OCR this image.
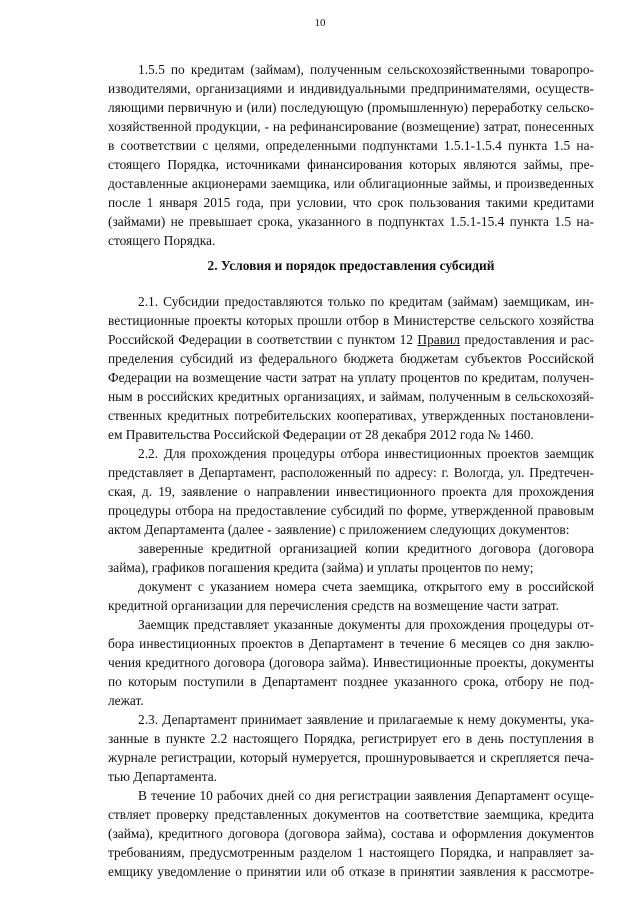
10
1.5.5 по кредитам (займам), полученным сельскохозяйственными товаропро-
изводителями, организациями и индивидуальными предпринимателями, осуществ-
ляющими первичную и (или) последующую (промышленную) переработку сельско-
хозяйственной продукции, - на рефинансирование (возмещение) затрат, понесенных
в соответствии с целями, определенными подпунктами 1.5.1-1.5.4 пункта 1.5 на-
стоящего Порядка, источниками финансирования которых являются займы, пре-
доставленные акционерами заемщика, или облигационные займы, и произведенных
после 1 января 2015 года, при условии, что срок пользования такими кредитами
(займами) не превышает срока, указанного в подпунктах 1.5.1-15.4 пункта 1.5 на-
стоящего Порядка.
2. Условия и порядок предоставления субсидий
2.1. Субсидии предоставляются только по кредитам (займам) заемщикам, ин-
вестиционные проекты которых прошли отбор в Министерстве сельского хозяйства
Российской Федерации в соответствии с пунктом 12 Правил предоставления и рас-
пределения субсидий из федерального бюджета бюджетам субъектов Российской
Федерации на возмещение части затрат на уплату процентов по кредитам, получен-
ным в российских кредитных организациях, и займам, полученным в сельскохозяй-
ственных кредитных потребительских кооперативах, утвержденных постановлени-
ем Правительства Российской Федерации от 28 декабря 2012 года № 1460.
2.2. Для прохождения процедуры отбора инвестиционных проектов заемщик
представляет в Департамент, расположенный по адресу: г. Вологда, ул. Предтечен-
ская, д. 19, заявление о направлении инвестиционного проекта для прохождения
процедуры отбора на предоставление субсидий по форме, утвержденной правовым
актом Департамента (далее - заявление) с приложением следующих документов:
заверенные кредитной организацией копии кредитного договора (договора
займа), графиков погашения кредита (займа) и уплаты процентов по нему;
документ с указанием номера счета заемщика, открытого ему в российской
кредитной организации для перечисления средств на возмещение части затрат.
Заемщик представляет указанные документы для прохождения процедуры от-
бора инвестиционных проектов в Департамент в течение 6 месяцев со дня заклю-
чения кредитного договора (договора займа). Инвестиционные проекты, документы
по которым поступили в Департамент позднее указанного срока, отбору не под-
лежат.
2.3. Департамент принимает заявление и прилагаемые к нему документы, ука-
занные в пункте 2.2 настоящего Порядка, регистрирует его в день поступления в
журнале регистрации, который нумеруется, прошнуровывается и скрепляется печа-
тью Департамента.
В течение 10 рабочих дней со дня регистрации заявления Департамент осуще-
ствляет проверку представленных документов на соответствие заемщика, кредита
(займа), кредитного договора (договора займа), состава и оформления документов
требованиям, предусмотренным разделом 1 настоящего Порядка, и направляет за-
емщику уведомление о принятии или об отказе в принятии заявления к рассмотре-
